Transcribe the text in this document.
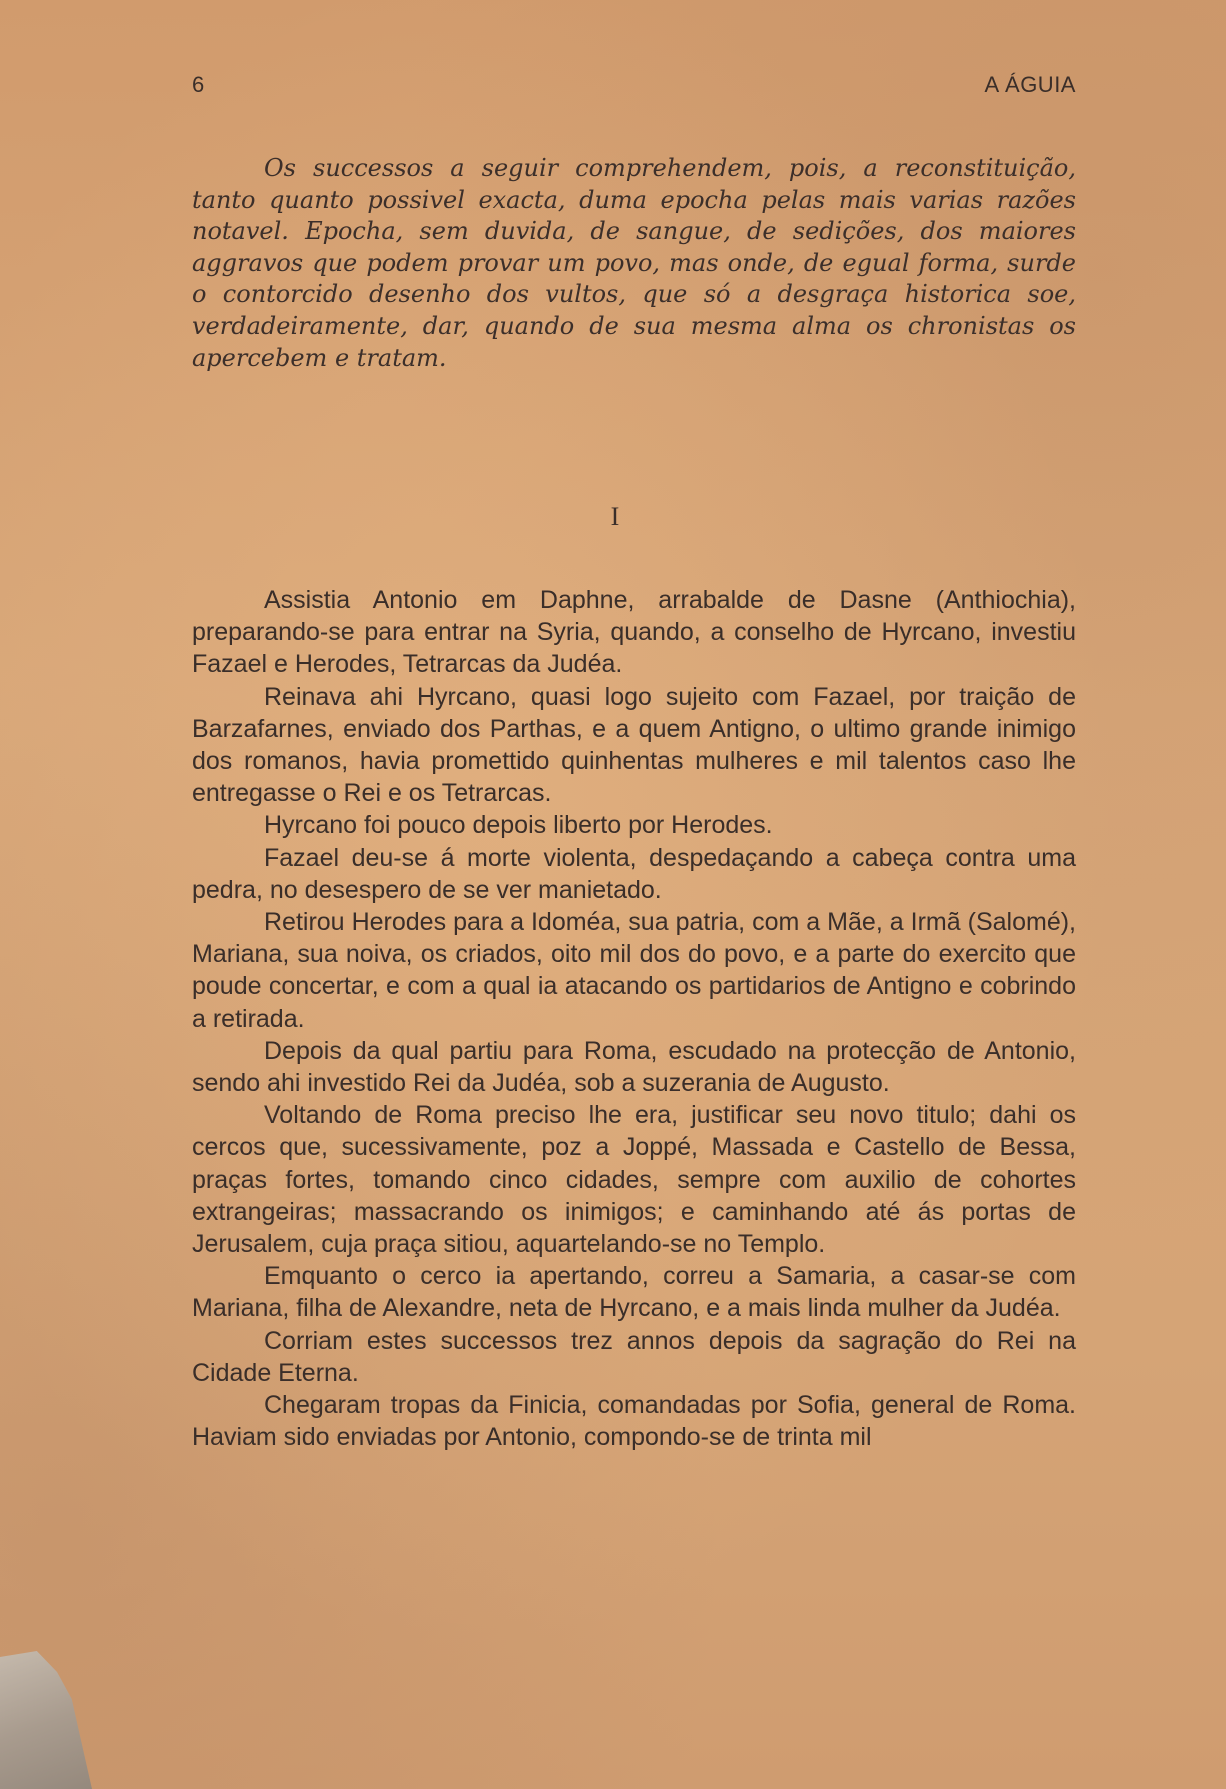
6	A ÁGUIA

Os successos a seguir comprehendem, pois, a reconstituição, tanto quanto possivel exacta, duma epocha pelas mais varias razões notavel. Epocha, sem duvida, de sangue, de sedições, dos maiores aggravos que podem provar um povo, mas onde, de egual forma, surde o contorcido desenho dos vultos, que só a desgraça historica soe, verdadeiramente, dar, quando de sua mesma alma os chronistas os apercebem e tratam.

I

Assistia Antonio em Daphne, arrabalde de Dasne (Anthiochia), preparando-se para entrar na Syria, quando, a conselho de Hyrcano, investiu Fazael e Herodes, Tetrarcas da Judéa.

Reinava ahi Hyrcano, quasi logo sujeito com Fazael, por traição de Barzafarnes, enviado dos Parthas, e a quem Antigno, o ultimo grande inimigo dos romanos, havia promettido quinhentas mulheres e mil talentos caso lhe entregasse o Rei e os Tetrarcas.

Hyrcano foi pouco depois liberto por Herodes.

Fazael deu-se á morte violenta, despedaçando a cabeça contra uma pedra, no desespero de se ver manietado.

Retirou Herodes para a Idoméa, sua patria, com a Mãe, a Irmã (Salomé), Mariana, sua noiva, os criados, oito mil dos do povo, e a parte do exercito que poude concertar, e com a qual ia atacando os partidarios de Antigno e cobrindo a retirada.

Depois da qual partiu para Roma, escudado na protecção de Antonio, sendo ahi investido Rei da Judéa, sob a suzerania de Augusto.

Voltando de Roma preciso lhe era, justificar seu novo titulo; dahi os cercos que, sucessivamente, poz a Joppé, Massada e Castello de Bessa, praças fortes, tomando cinco cidades, sempre com auxilio de cohortes extrangeiras; massacrando os inimigos; e caminhando até ás portas de Jerusalem, cuja praça sitiou, aquartelando-se no Templo.

Emquanto o cerco ia apertando, correu a Samaria, a casar-se com Mariana, filha de Alexandre, neta de Hyrcano, e a mais linda mulher da Judéa.

Corriam estes successos trez annos depois da sagração do Rei na Cidade Eterna.

Chegaram tropas da Finicia, comandadas por Sofia, general de Roma. Haviam sido enviadas por Antonio, compondo-se de trinta mil
